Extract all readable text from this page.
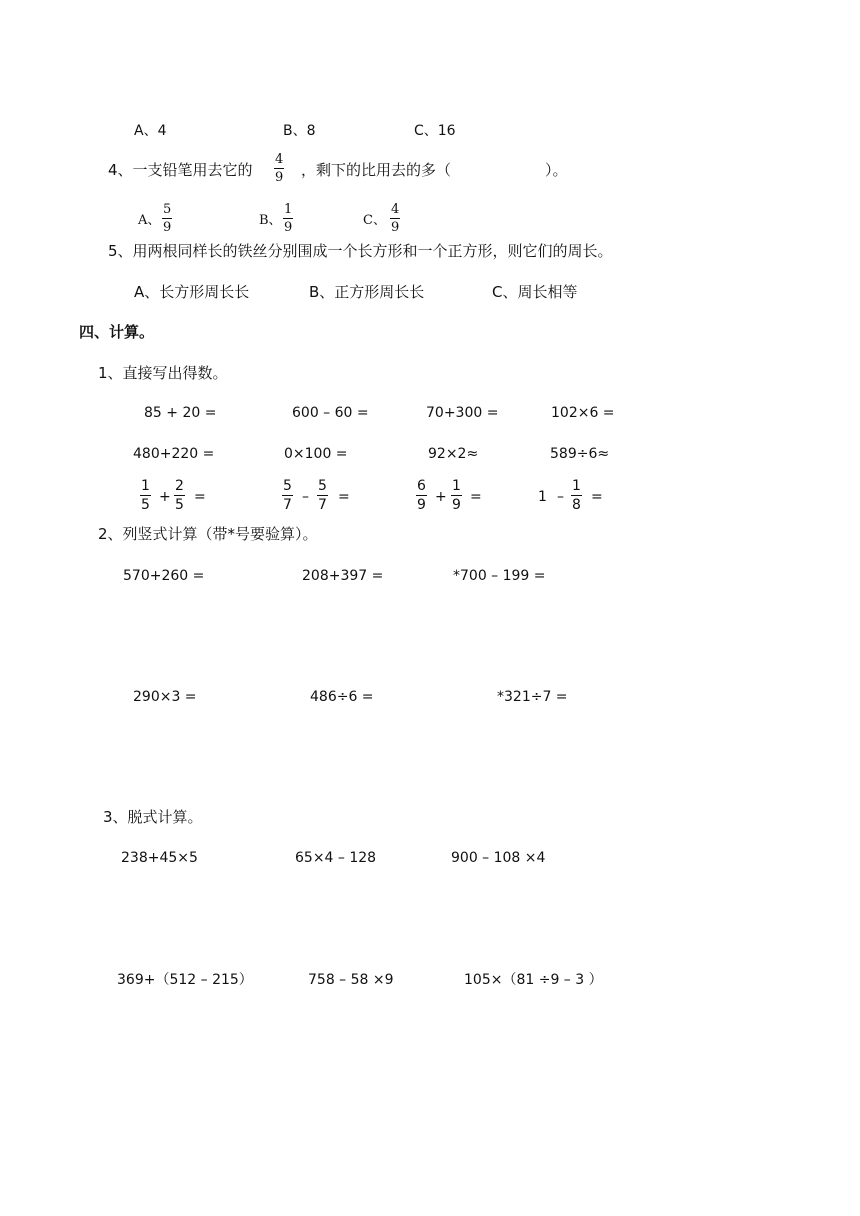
A、4	B、8	C、16
4、一支铅笔用去它的
4
9 ，剩下的比用去的多（	）。
A、
5
9	B、
1
9	C、
4
9
5、用两根同样长的铁丝分别围成一个长方形和一个正方形，则它们的周长。
A、长方形周长长	B、正方形周长长	C、周长相等
四、计算。
1、直接写出得数。
85 + 20 =	600 – 60 =	70+300 =	102×6 =
480+220 =	0×100 =	92×2≈	589÷6≈
1
5 +
2
5 =
5
7 –
5
7 =
6
9 +
1
9 =	1 –
1
8 =
2、列竖式计算（带*号要验算）。
570+260 =	208+397 =	*700 – 199 =
290×3 =	486÷6 =	*321÷7 =
3、脱式计算。
238+45×5	65×4 – 128	900 – 108 ×4
369+（512 – 215）	758 – 58 ×9	105×（81 ÷9 – 3 ）
